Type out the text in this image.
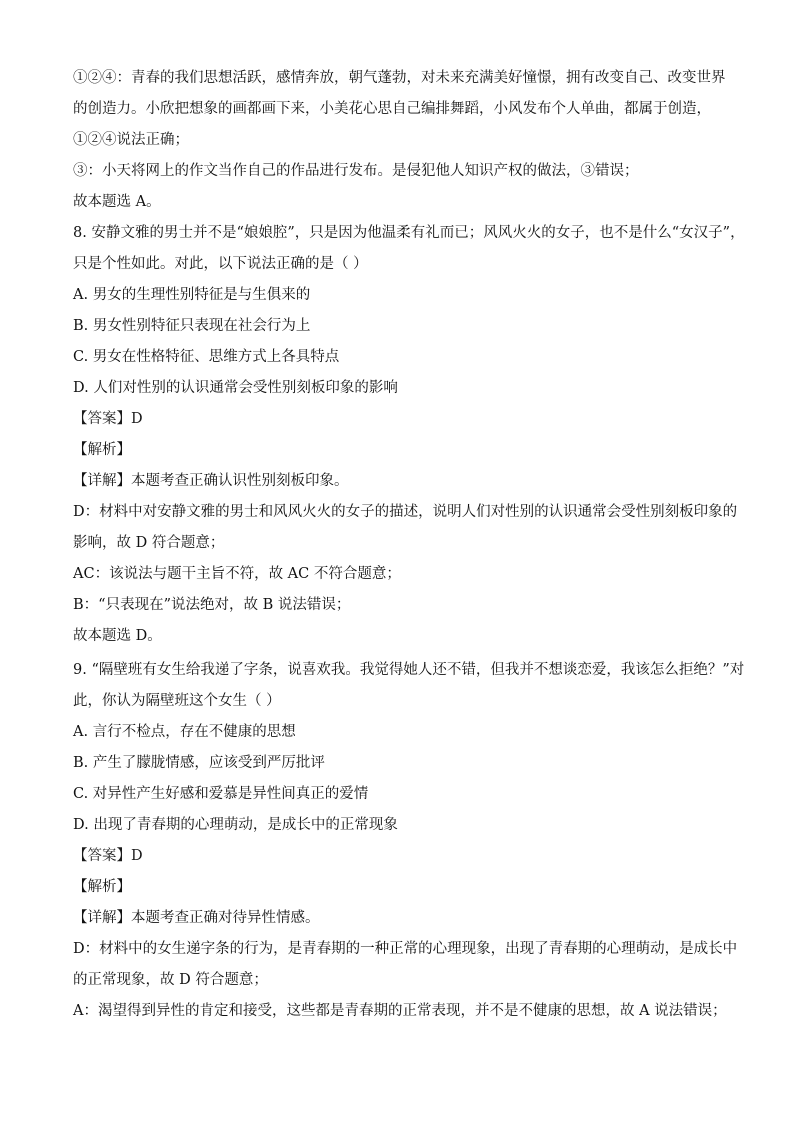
①②④：青春的我们思想活跃，感情奔放，朝气蓬勃，对未来充满美好憧憬，拥有改变自己、改变世界
的创造力。小欣把想象的画都画下来，小美花心思自己编排舞蹈，小风发布个人单曲，都属于创造，
①②④说法正确；
③：小天将网上的作文当作自己的作品进行发布。是侵犯他人知识产权的做法，③错误；
故本题选 A。
8. 安静文雅的男士并不是“娘娘腔”，只是因为他温柔有礼而已；风风火火的女子，也不是什么“女汉子”，
只是个性如此。对此，以下说法正确的是（ ）
A. 男女的生理性别特征是与生俱来的
B. 男女性别特征只表现在社会行为上
C. 男女在性格特征、思维方式上各具特点
D. 人们对性别的认识通常会受性别刻板印象的影响
【答案】D
【解析】
【详解】本题考查正确认识性别刻板印象。
D：材料中对安静文雅的男士和风风火火的女子的描述，说明人们对性别的认识通常会受性别刻板印象的
影响，故 D 符合题意；
AC：该说法与题干主旨不符，故 AC 不符合题意；
B：“只表现在”说法绝对，故 B 说法错误；
故本题选 D。
9. “隔壁班有女生给我递了字条，说喜欢我。我觉得她人还不错，但我并不想谈恋爱，我该怎么拒绝？”对
此，你认为隔壁班这个女生（ ）
A. 言行不检点，存在不健康的思想
B. 产生了朦胧情感，应该受到严厉批评
C. 对异性产生好感和爱慕是异性间真正的爱情
D. 出现了青春期的心理萌动，是成长中的正常现象
【答案】D
【解析】
【详解】本题考查正确对待异性情感。
D：材料中的女生递字条的行为，是青春期的一种正常的心理现象，出现了青春期的心理萌动，是成长中
的正常现象，故 D 符合题意；
A：渴望得到异性的肯定和接受，这些都是青春期的正常表现，并不是不健康的思想，故 A 说法错误；
